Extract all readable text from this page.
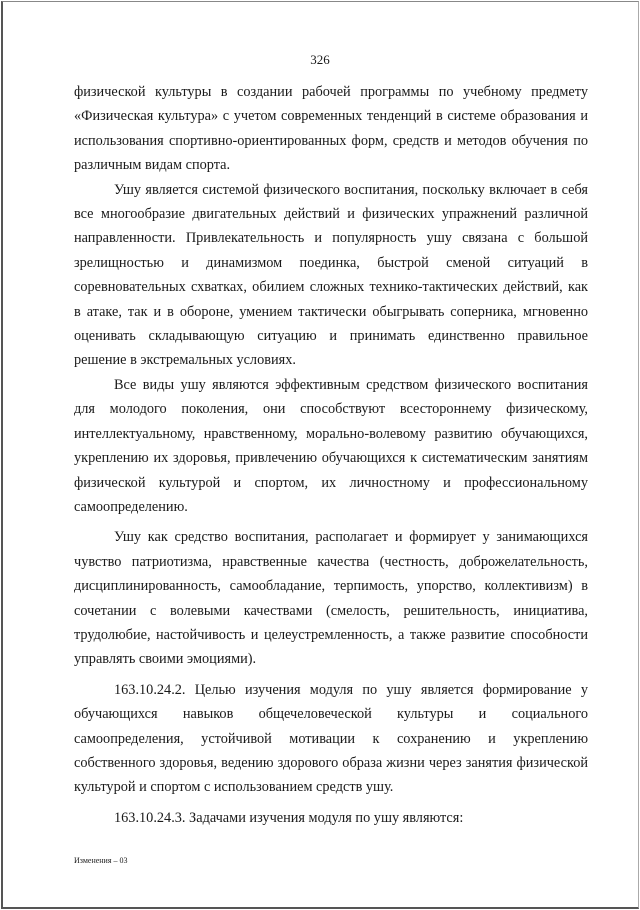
326

физической культуры в создании рабочей программы по учебному предмету «Физическая культура» с учетом современных тенденций в системе образования и использования спортивно-ориентированных форм, средств и методов обучения по различным видам спорта.

Ушу является системой физического воспитания, поскольку включает в себя все многообразие двигательных действий и физических упражнений различной направленности. Привлекательность и популярность ушу связана с большой зрелищностью и динамизмом поединка, быстрой сменой ситуаций в соревновательных схватках, обилием сложных технико-тактических действий, как в атаке, так и в обороне, умением тактически обыгрывать соперника, мгновенно оценивать складывающую ситуацию и принимать единственно правильное решение в экстремальных условиях.

Все виды ушу являются эффективным средством физического воспитания для молодого поколения, они способствуют всестороннему физическому, интеллектуальному, нравственному, морально-волевому развитию обучающихся, укреплению их здоровья, привлечению обучающихся к систематическим занятиям физической культурой и спортом, их личностному и профессиональному самоопределению.

Ушу как средство воспитания, располагает и формирует у занимающихся чувство патриотизма, нравственные качества (честность, доброжелательность, дисциплинированность, самообладание, терпимость, упорство, коллективизм) в сочетании с волевыми качествами (смелость, решительность, инициатива, трудолюбие, настойчивость и целеустремленность, а также развитие способности управлять своими эмоциями).

163.10.24.2. Целью изучения модуля по ушу является формирование у обучающихся навыков общечеловеческой культуры и социального самоопределения, устойчивой мотивации к сохранению и укреплению собственного здоровья, ведению здорового образа жизни через занятия физической культурой и спортом с использованием средств ушу.

163.10.24.3. Задачами изучения модуля по ушу являются:

Изменения – 03
